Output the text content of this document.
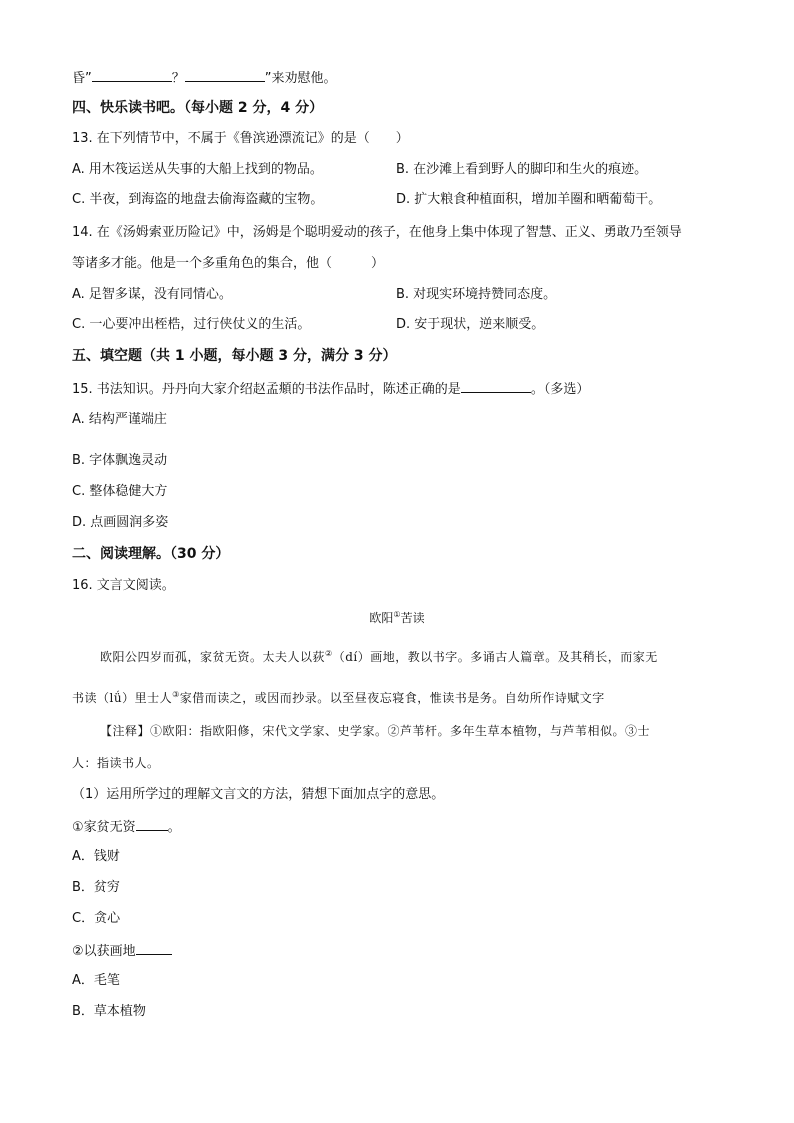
昏”	？	”来劝慰他。
四、快乐读书吧。（每小题 2 分，4 分）
13. 在下列情节中，不属于《鲁滨逊漂流记》的是（　　）
A. 用木筏运送从失事的大船上找到的物品。	B. 在沙滩上看到野人的脚印和生火的痕迹。
C. 半夜，到海盗的地盘去偷海盗藏的宝物。	D. 扩大粮食种植面积，增加羊圈和晒葡萄干。
14. 在《汤姆索亚历险记》中，汤姆是个聪明爱动的孩子，在他身上集中体现了智慧、正义、勇敢乃至领导
等诸多才能。他是一个多重角色的集合，他（　　　）
A. 足智多谋，没有同情心。	B. 对现实环境持赞同态度。
C. 一心要冲出桎梏，过行侠仗义的生活。	D. 安于现状，逆来顺受。
五、填空题（共 1 小题，每小题 3 分，满分 3 分）
15. 书法知识。丹丹向大家介绍赵孟頫的书法作品时，陈述正确的是	。（多选）
A. 结构严谨端庄
B. 字体飘逸灵动
C. 整体稳健大方
D. 点画圆润多姿
二、阅读理解。（30 分）
16. 文言文阅读。
欧阳①苦读
欧阳公四岁而孤，家贫无资。太夫人以荻②（dí）画地，教以书字。多诵古人篇章。及其稍长，而家无
书读（lǘ）里士人③家借而读之，或因而抄录。以至昼夜忘寝食，惟读书是务。自幼所作诗赋文字
【注释】①欧阳：指欧阳修，宋代文学家、史学家。②芦苇杆。多年生草本植物，与芦苇相似。③士
人：指读书人。
（1）运用所学过的理解文言文的方法，猜想下面加点字的意思。
①家贫无资 。
A．钱财
B．贫穷
C．贪心
②以获画地
A．毛笔
B．草本植物
